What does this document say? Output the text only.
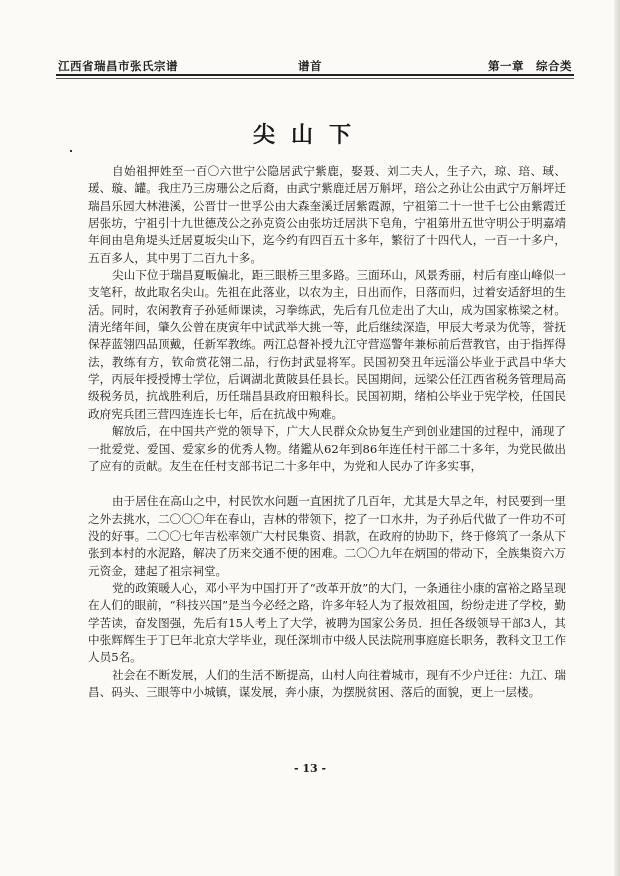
江西省瑞昌市张氏宗谱	谱首	第一章　综合类
尖山下

自始祖押姓至一百〇六世宁公隐居武宁紫鹿，娶聂、刘二夫人，生子六，琼、琣、琙、瑗、璇、罐。我庄乃三房珊公之后裔，由武宁紫鹿迁居万斛坪，琣公之孙让公由武宁万斛坪迁瑞昌乐园大林港溪，公晋廿一世孚公由大森奎溪迁居紫霞源，宁祖第二十一世千七公由紫霞迁居张坊，宁祖引十九世德茂公之孙克资公由张坊迁居洪下皂角，宁祖第卅五世守明公于明嘉靖年间由皂角堤头迁居夏坂尖山下，迄今约有四百五十多年，繁衍了十四代人，一百一十多户，五百多人，其中男丁二百九十多。

尖山下位于瑞昌夏畈偏北，距三眼桥三里多路。三面环山，风景秀丽，村后有座山峰似一支笔秆，故此取名尖山。先祖在此落业，以农为主，日出而作，日落而归，过着安适舒坦的生活。同时，农闲教育子孙延师课读，习拳练武，先后有几位走出了大山，成为国家栋梁之材。清光绪年间，肇久公曾在庚寅年中试武举大挑一等，此后继续深造，甲辰大考录为优等，誉抚保荐蓝翎四品顶戴，任新军教练。两江总督补授九江守营巡警年兼标前后营教官，由于指挥得法，教练有方，钦命赏花翎二品，行伤封武显将军。民国初癸丑年远淄公毕业于武昌中华大学，丙辰年授授博士学位，后调湖北黄陂县任县长。民国期间，远梁公任江西省税务管理局高级税务员，抗战胜利后，历任瑞昌县政府田粮科长。民国初期，绪柏公毕业于宪学校，任国民政府宪兵团三营四连连长七年，后在抗战中殉难。

解放后，在中国共产党的领导下，广大人民群众众协复生产到创业建国的过程中，涌现了一批爱党、爱国、爱家乡的优秀人物。绪鑑从62年到86年连任村干部二十多年，为党民做出了应有的贡献。友生在任村支部书记二十多年中，为党和人民办了许多实事，

由于居住在高山之中，村民饮水问题一直困扰了几百年，尤其是大旱之年，村民要到一里之外去挑水，二〇〇〇年在春山，吉林的带领下，挖了一口水井，为子孙后代做了一件功不可没的好事。二〇〇七年吉松率领广大村民集资、捐款，在政府的协助下，终于修筑了一条从下张到本村的水泥路，解决了历来交通不便的困难。二〇〇九年在炳国的带动下，全族集资六万元资金，建起了祖宗祠堂。

党的政策暖人心，邓小平为中国打开了“改革开放”的大门，一条通往小康的富裕之路呈现在人们的眼前，“科技兴国”是当今必经之路，许多年轻人为了报效祖国，纷纷走进了学校，勤学苦读，奋发图强，先后有15人考上了大学，被聘为国家公务员．担任各级领导干部3人，其中张辉辉生于丁巳年北京大学毕业，现任深圳市中级人民法院刑事庭庭长职务，教科文卫工作人员5名。

社会在不断发展，人们的生活不断提高，山村人向往着城市，现有不少户迁往：九江、瑞昌、码头、三眼等中小城镇，谋发展，奔小康，为摆脱贫困、落后的面貌，更上一层楼。

- 13 -
